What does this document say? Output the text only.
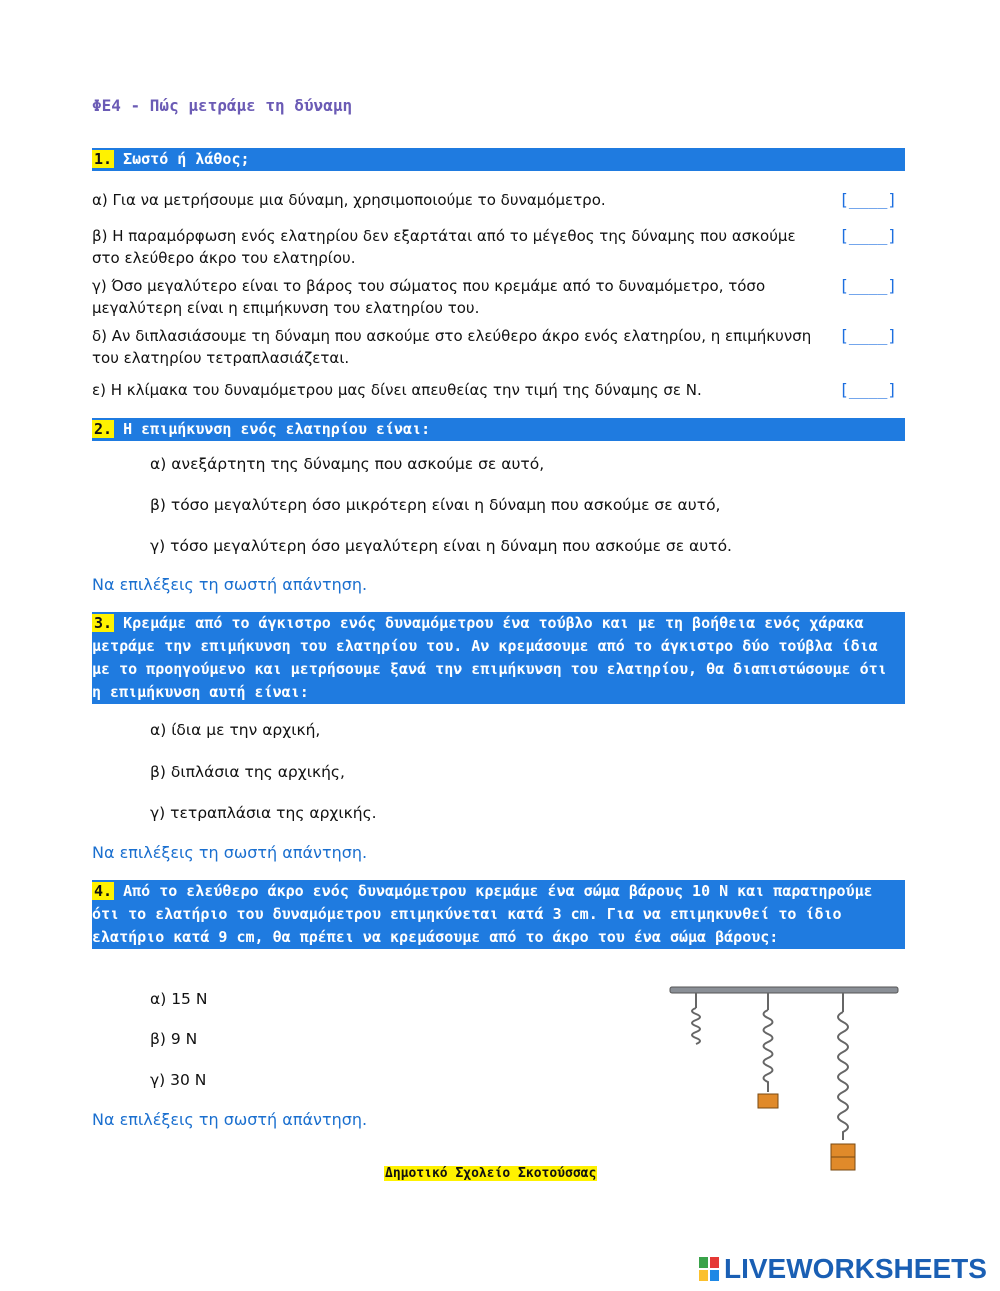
ΦΕ4 - Πώς μετράμε τη δύναμη
1. Σωστό ή λάθος;
α) Για να μετρήσουμε μια δύναμη, χρησιμοποιούμε το δυναμόμετρο.	[____]
β) Η παραμόρφωση ενός ελατηρίου δεν εξαρτάται από το μέγεθος της δύναμης που ασκούμε στο ελεύθερο άκρο του ελατηρίου.
[____]
γ) Όσο μεγαλύτερο είναι το βάρος του σώματος που κρεμάμε από το δυναμόμετρο, τόσο μεγαλύτερη είναι η επιμήκυνση του ελατηρίου του.
[____]
δ) Αν διπλασιάσουμε τη δύναμη που ασκούμε στο ελεύθερο άκρο ενός ελατηρίου, η επιμήκυνση του ελατηρίου τετραπλασιάζεται.
[____]
ε) Η κλίμακα του δυναμόμετρου μας δίνει απευθείας την τιμή της δύναμης σε Ν.	[____]
2. Η επιμήκυνση ενός ελατηρίου είναι:
α) ανεξάρτητη της δύναμης που ασκούμε σε αυτό,
β) τόσο μεγαλύτερη όσο μικρότερη είναι η δύναμη που ασκούμε σε αυτό,
γ) τόσο μεγαλύτερη όσο μεγαλύτερη είναι η δύναμη που ασκούμε σε αυτό.
Να επιλέξεις τη σωστή απάντηση.
3. Κρεμάμε από το άγκιστρο ενός δυναμόμετρου ένα τούβλο και με τη βοήθεια ενός χάρακα μετράμε την επιμήκυνση του ελατηρίου του. Αν κρεμάσουμε από το άγκιστρο δύο τούβλα ίδια με το προηγούμενο και μετρήσουμε ξανά την επιμήκυνση του ελατηρίου, θα διαπιστώσουμε ότι η επιμήκυνση αυτή είναι:
α) ίδια με την αρχική,
β) διπλάσια της αρχικής,
γ) τετραπλάσια της αρχικής.
Να επιλέξεις τη σωστή απάντηση.
4. Από το ελεύθερο άκρο ενός δυναμόμετρου κρεμάμε ένα σώμα βάρους 10 Ν και παρατηρούμε ότι το ελατήριο του δυναμόμετρου επιμηκύνεται κατά 3 cm. Για να επιμηκυνθεί το ίδιο ελατήριο κατά 9 cm, θα πρέπει να κρεμάσουμε από το άκρο του ένα σώμα βάρους:
α) 15 Ν
β) 9 Ν
γ) 30 Ν
Να επιλέξεις τη σωστή απάντηση.
Δημοτικό Σχολείο Σκοτούσσας
LIVEWORKSHEETS
